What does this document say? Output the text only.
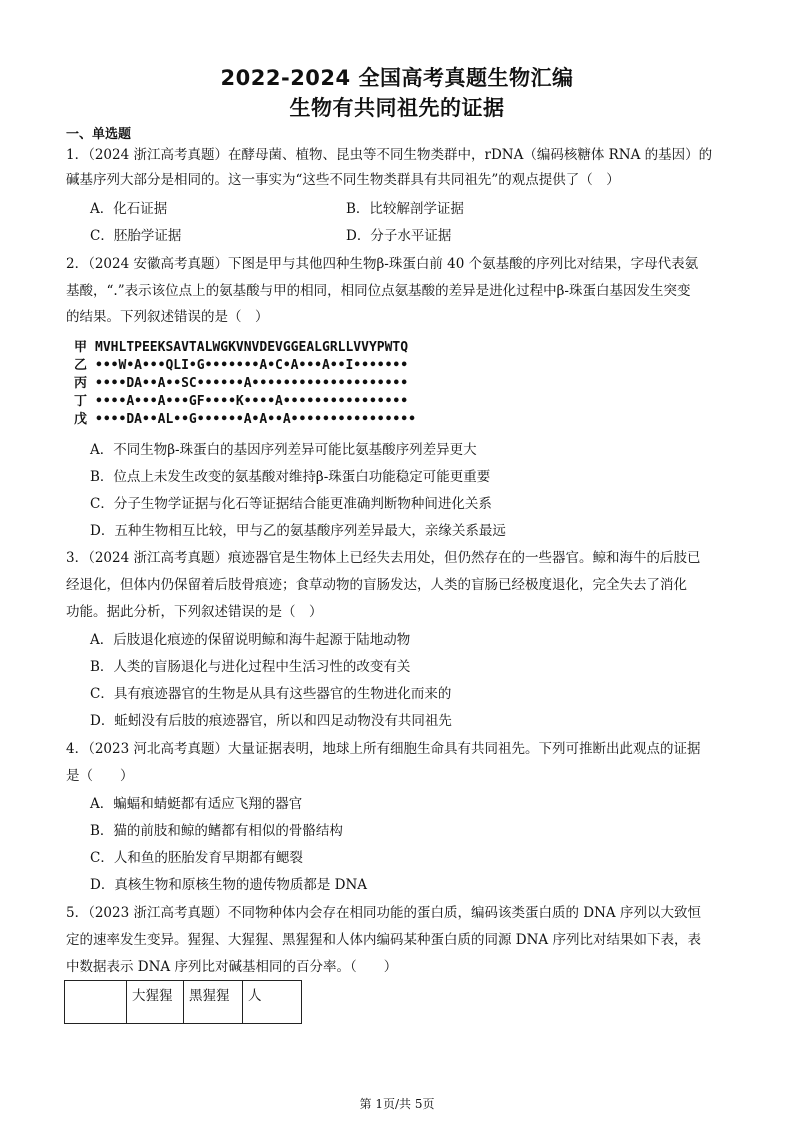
2022-2024 全国高考真题生物汇编
生物有共同祖先的证据
一、单选题
1．（2024 浙江高考真题）在酵母菌、植物、昆虫等不同生物类群中，rDNA（编码核糖体 RNA 的基因）的
碱基序列大部分是相同的。这一事实为“这些不同生物类群具有共同祖先”的观点提供了（　）
A．化石证据	B．比较解剖学证据
C．胚胎学证据	D．分子水平证据
2．（2024 安徽高考真题）下图是甲与其他四种生物β-珠蛋白前 40 个氨基酸的序列比对结果，字母代表氨
基酸，“.”表示该位点上的氨基酸与甲的相同，相同位点氨基酸的差异是进化过程中β-珠蛋白基因发生突变
的结果。下列叙述错误的是（　）
甲 MVHLTPEEKSAVTALWGKVNVDEVGGEALGRLLVVYPWTQ
乙 •••W•A•••QLI•G•••••••A•C•A•••A••I•••••••
丙 ••••DA••A••SC••••••A••••••••••••••••••••
丁 ••••A•••A•••GF••••K••••A••••••••••••••••
戊 ••••DA••AL••G••••••A•A••A••••••••••••••••
A．不同生物β-珠蛋白的基因序列差异可能比氨基酸序列差异更大
B．位点上未发生改变的氨基酸对维持β-珠蛋白功能稳定可能更重要
C．分子生物学证据与化石等证据结合能更准确判断物种间进化关系
D．五种生物相互比较，甲与乙的氨基酸序列差异最大，亲缘关系最远
3．（2024 浙江高考真题）痕迹器官是生物体上已经失去用处，但仍然存在的一些器官。鲸和海牛的后肢已
经退化，但体内仍保留着后肢骨痕迹；食草动物的盲肠发达，人类的盲肠已经极度退化，完全失去了消化
功能。据此分析，下列叙述错误的是（　）
A．后肢退化痕迹的保留说明鲸和海牛起源于陆地动物
B．人类的盲肠退化与进化过程中生活习性的改变有关
C．具有痕迹器官的生物是从具有这些器官的生物进化而来的
D．蚯蚓没有后肢的痕迹器官，所以和四足动物没有共同祖先
4．（2023 河北高考真题）大量证据表明，地球上所有细胞生命具有共同祖先。下列可推断出此观点的证据
是（　　）
A．蝙蝠和蜻蜓都有适应飞翔的器官
B．猫的前肢和鲸的鳍都有相似的骨骼结构
C．人和鱼的胚胎发育早期都有鳃裂
D．真核生物和原核生物的遗传物质都是 DNA
5．（2023 浙江高考真题）不同物种体内会存在相同功能的蛋白质，编码该类蛋白质的 DNA 序列以大致恒
定的速率发生变异。猩猩、大猩猩、黑猩猩和人体内编码某种蛋白质的同源 DNA 序列比对结果如下表，表
中数据表示 DNA 序列比对碱基相同的百分率。（　　）
	大猩猩	黑猩猩	人
第 1页/共 5页
